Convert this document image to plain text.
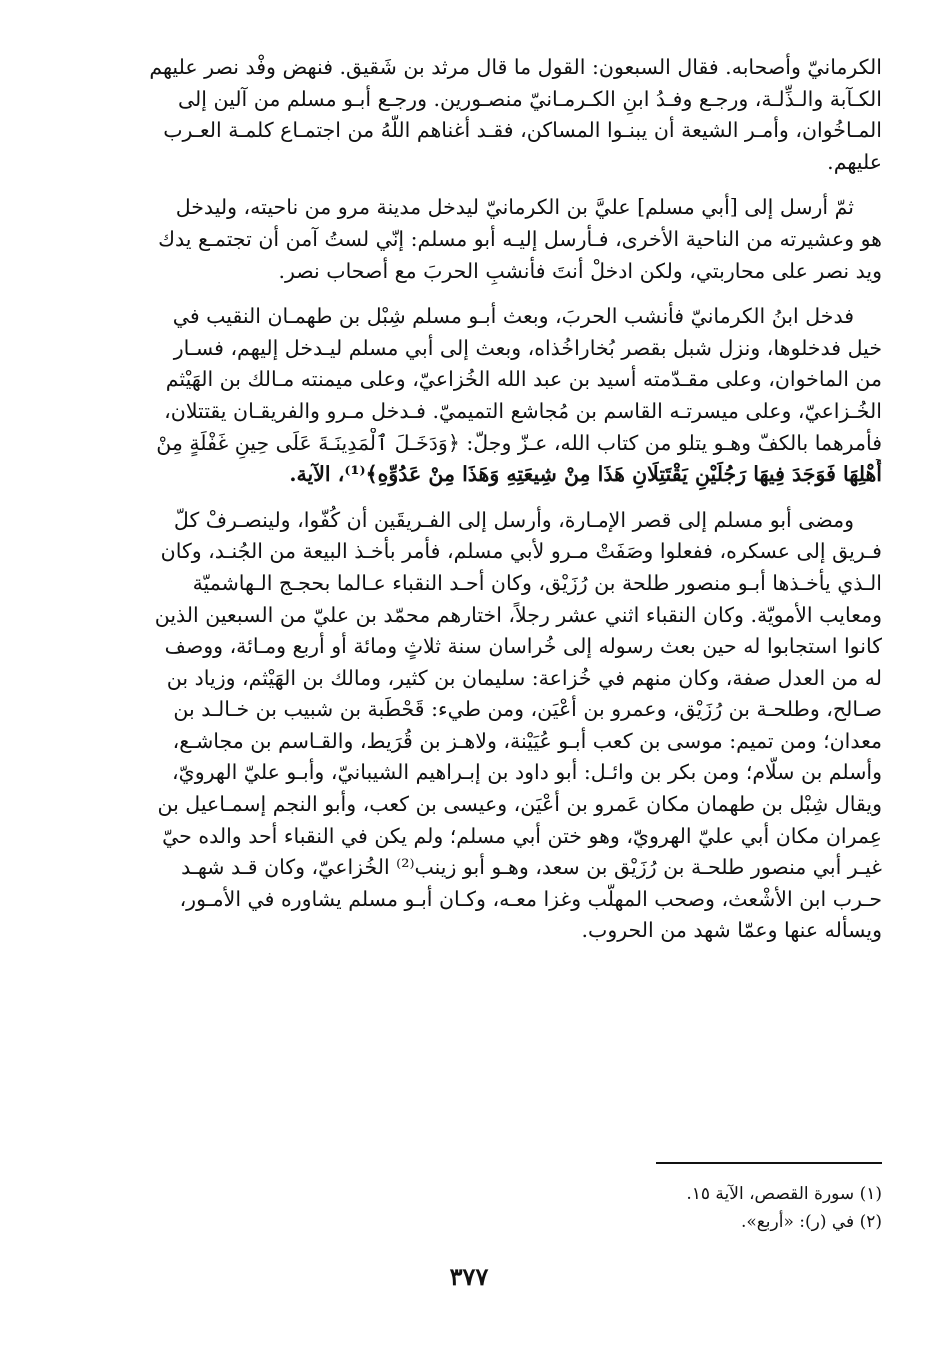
الكرمانيّ وأصحابه. فقال السبعون: القول ما قال مرثد بن شَقيق. فنهض وفْد نصر عليهم
الكـآبة والـذِّلـة، ورجـع وفـدُ ابنِ الكـرمـانيّ منصـورين. ورجـع أبـو مسلم من آلين إلى
المـاخُوان، وأمـر الشيعة أن يبنـوا المساكن، فقـد أغناهم اللّهُ من اجتمـاع كلمـة العـرب
عليهم.
ثمّ أرسل إلى [أبي مسلم] عليَّ بن الكرمانيّ ليدخل مدينة مرو من ناحيته، وليدخل
هو وعشيرته من الناحية الأخرى، فـأرسل إليـه أبو مسلم: إنّي لستُ آمن أن تجتمـع يدك
ويد نصر على محاربتي، ولكن ادخلْ أنتَ فأنشبِ الحربَ مع أصحاب نصر.
فدخل ابنُ الكرمانيّ فأنشب الحربَ، وبعث أبـو مسلم شِبْل بن طهمـان النقيب في
خيل فدخلوها، ونزل شبل بقصر بُخاراخُذاه، وبعث إلى أبي مسلم ليـدخل إليهم، فسـار
من الماخوان، وعلى مقـدّمته أسيد بن عبد الله الخُزاعيّ، وعلى ميمنته مـالك بن الهَيْثم
الخُـزاعيّ، وعلى ميسرتـه القاسم بن مُجاشع التميميّ. فـدخل مـرو والفريقـان يقتتلان،
فأمرهما بالكفّ وهـو يتلو من كتاب الله، عـزّ وجلّ: ﴿وَدَخَـلَ ٱلْمَدِينَـةَ عَلَى حِينِ غَفْلَةٍ مِنْ
أَهْلِهَا فَوَجَدَ فِيهَا رَجُلَيْنِ يَقْتَتِلَانِ هَذَا مِنْ شِيعَتِهِ وَهَذَا مِنْ عَدُوِّهِ﴾⁽¹⁾، الآية.
ومضى أبو مسلم إلى قصر الإمـارة، وأرسل إلى الفـريقَين أن كُفّوا، ولينصـرفْ كلّ
فـريق إلى عسكره، ففعلوا وصَفَتْ مـرو لأبي مسلم، فأمر بأخـذ البيعة من الجُنـد، وكان
الـذي يأخـذها أبـو منصور طلحة بن رُزَيْق، وكان أحـد النقباء عـالما بحجـج الـهاشميّة
ومعايب الأمويّة. وكان النقباء اثني عشر رجلاً، اختارهم محمّد بن عليّ من السبعين الذين
كانوا استجابوا له حين بعث رسوله إلى خُراسان سنة ثلاثٍ ومائة أو أربع ومـائة، ووصف
له من العدل صفة، وكان منهم في خُزاعة: سليمان بن كثير، ومالك بن الهَيْثم، وزياد بن
صـالح، وطلحـة بن رُزَيْق، وعمرو بن أعْيَن، ومن طيء: قَحْطَبة بن شبيب بن خـالـد بن
معدان؛ ومن تميم: موسى بن كعب أبـو عُيَيْنة، ولاهـز بن قُرَيط، والقـاسم بن مجاشـع،
وأسلم بن سلّام؛ ومن بكر بن وائـل: أبو داود بن إبـراهيم الشيبانيّ، وأبـو عليّ الهرويّ،
ويقال شِبْل بن طهمان مكان عَمرو بن أعْيَن، وعيسى بن كعب، وأبو النجم إسمـاعيل بن
عِمران مكان أبي عليّ الهرويّ، وهو ختن أبي مسلم؛ ولم يكن في النقباء أحد والده حيّ
غيـر أبي منصور طلحـة بن رُزَيْق بن سعد، وهـو أبو زينب⁽²⁾ الخُزاعيّ، وكان قـد شهـد
حـرب ابن الأشْعث، وصحب المهلّب وغزا معـه، وكـان أبـو مسلم يشاوره في الأمـور،
ويسأله عنها وعمّا شهد من الحروب.
(١) سورة القصص، الآية ١٥.
(٢) في (ر): «أربع».
٣٧٧
